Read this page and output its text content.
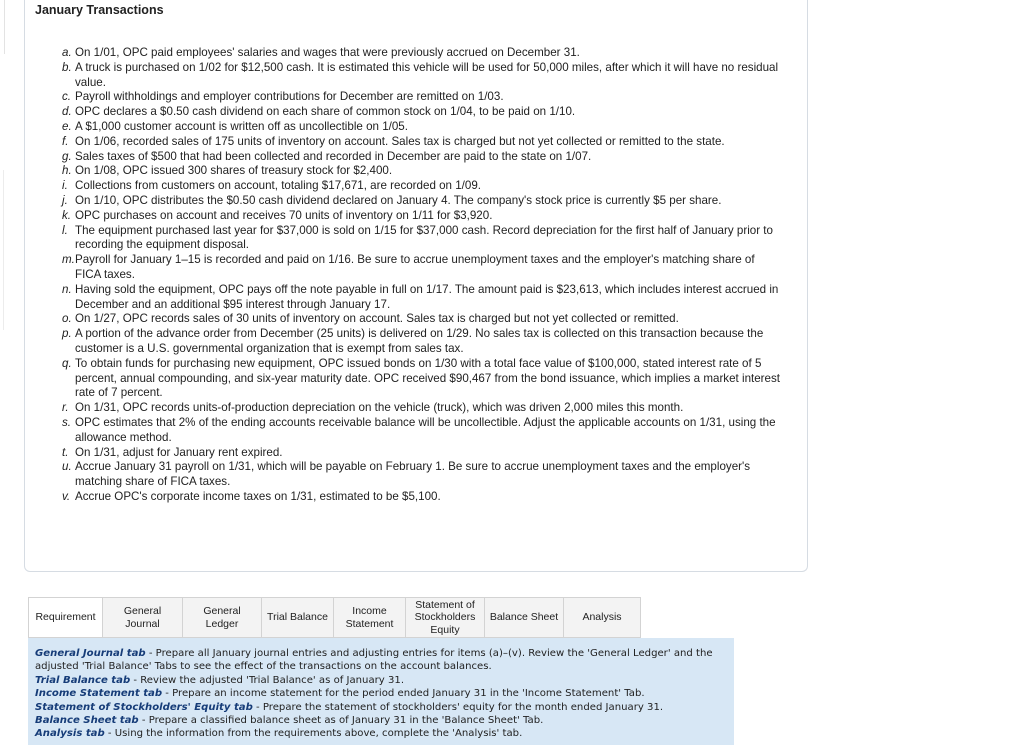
January Transactions
a. On 1/01, OPC paid employees' salaries and wages that were previously accrued on December 31.
b. A truck is purchased on 1/02 for $12,500 cash. It is estimated this vehicle will be used for 50,000 miles, after which it will have no residual value.
c. Payroll withholdings and employer contributions for December are remitted on 1/03.
d. OPC declares a $0.50 cash dividend on each share of common stock on 1/04, to be paid on 1/10.
e. A $1,000 customer account is written off as uncollectible on 1/05.
f. On 1/06, recorded sales of 175 units of inventory on account. Sales tax is charged but not yet collected or remitted to the state.
g. Sales taxes of $500 that had been collected and recorded in December are paid to the state on 1/07.
h. On 1/08, OPC issued 300 shares of treasury stock for $2,400.
i. Collections from customers on account, totaling $17,671, are recorded on 1/09.
j. On 1/10, OPC distributes the $0.50 cash dividend declared on January 4. The company's stock price is currently $5 per share.
k. OPC purchases on account and receives 70 units of inventory on 1/11 for $3,920.
l. The equipment purchased last year for $37,000 is sold on 1/15 for $37,000 cash. Record depreciation for the first half of January prior to recording the equipment disposal.
m.Payroll for January 1–15 is recorded and paid on 1/16. Be sure to accrue unemployment taxes and the employer's matching share of FICA taxes.
n. Having sold the equipment, OPC pays off the note payable in full on 1/17. The amount paid is $23,613, which includes interest accrued in December and an additional $95 interest through January 17.
o. On 1/27, OPC records sales of 30 units of inventory on account. Sales tax is charged but not yet collected or remitted.
p. A portion of the advance order from December (25 units) is delivered on 1/29. No sales tax is collected on this transaction because the customer is a U.S. governmental organization that is exempt from sales tax.
q. To obtain funds for purchasing new equipment, OPC issued bonds on 1/30 with a total face value of $100,000, stated interest rate of 5 percent, annual compounding, and six-year maturity date. OPC received $90,467 from the bond issuance, which implies a market interest rate of 7 percent.
r. On 1/31, OPC records units-of-production depreciation on the vehicle (truck), which was driven 2,000 miles this month.
s. OPC estimates that 2% of the ending accounts receivable balance will be uncollectible. Adjust the applicable accounts on 1/31, using the allowance method.
t. On 1/31, adjust for January rent expired.
u. Accrue January 31 payroll on 1/31, which will be payable on February 1. Be sure to accrue unemployment taxes and the employer's matching share of FICA taxes.
v. Accrue OPC's corporate income taxes on 1/31, estimated to be $5,100.
Requirement
General
Journal
General
Ledger
Trial Balance
Income
Statement
Statement of
Stockholders
Equity
Balance Sheet Analysis
General Journal tab - Prepare all January journal entries and adjusting entries for items (a)–(v). Review the 'General Ledger' and the adjusted 'Trial Balance' Tabs to see the effect of the transactions on the account balances.
Trial Balance tab - Review the adjusted 'Trial Balance' as of January 31.
Income Statement tab - Prepare an income statement for the period ended January 31 in the 'Income Statement' Tab.
Statement of Stockholders' Equity tab - Prepare the statement of stockholders' equity for the month ended January 31.
Balance Sheet tab - Prepare a classified balance sheet as of January 31 in the 'Balance Sheet' Tab.
Analysis tab - Using the information from the requirements above, complete the 'Analysis' tab.
